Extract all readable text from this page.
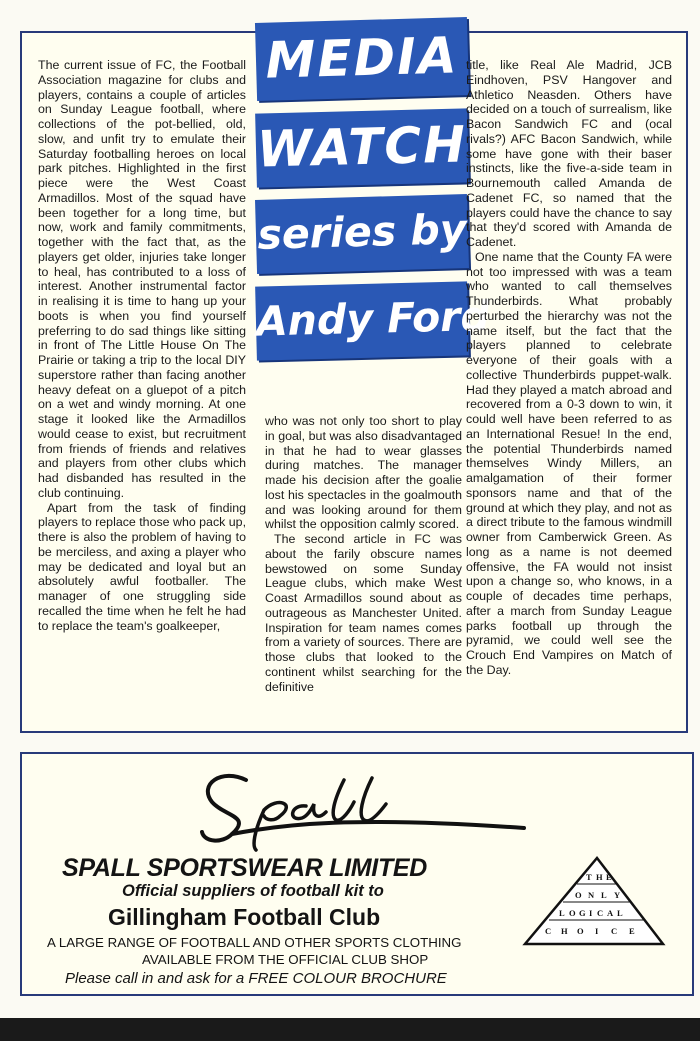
MEDIA
WATCH
series by
Andy Ford

The current issue of FC, the Football Association magazine for clubs and players, contains a couple of articles on Sunday League football, where collections of the pot-bellied, old, slow, and unfit try to emulate their Saturday footballing heroes on local park pitches. Highlighted in the first piece were the West Coast Armadillos. Most of the squad have been together for a long time, but now, work and family commitments, together with the fact that, as the players get older, injuries take longer to heal, has contributed to a loss of interest. Another instrumental factor in realising it is time to hang up your boots is when you find yourself preferring to do sad things like sitting in front of The Little House On The Prairie or taking a trip to the local DIY superstore rather than facing another heavy defeat on a gluepot of a pitch on a wet and windy morning. At one stage it looked like the Armadillos would cease to exist, but recruitment from friends of friends and relatives and players from other clubs which had disbanded has resulted in the club continuing.

Apart from the task of finding players to replace those who pack up, there is also the problem of having to be merciless, and axing a player who may be dedicated and loyal but an absolutely awful footballer. The manager of one struggling side recalled the time when he felt he had to replace the team's goalkeeper,

who was not only too short to play in goal, but was also disadvantaged in that he had to wear glasses during matches. The manager made his decision after the goalie lost his spectacles in the goalmouth and was looking around for them whilst the opposition calmly scored.

The second article in FC was about the farily obscure names bewstowed on some Sunday League clubs, which make West Coast Armadillos sound about as outrageous as Manchester United. Inspiration for team names comes from a variety of sources. There are those clubs that looked to the continent whilst searching for the definitive

title, like Real Ale Madrid, JCB Eindhoven, PSV Hangover and Athletico Neasden. Others have decided on a touch of surrealism, like Bacon Sandwich FC and (ocal rivals?) AFC Bacon Sandwich, while some have gone with their baser instincts, like the five-a-side team in Bournemouth called Amanda de Cadenet FC, so named that the players could have the chance to say that they'd scored with Amanda de Cadenet.

One name that the County FA were not too impressed with was a team who wanted to call themselves Thunderbirds. What probably perturbed the hierarchy was not the name itself, but the fact that the players planned to celebrate everyone of their goals with a collective Thunderbirds puppet-walk. Had they played a match abroad and recovered from a 0-3 down to win, it could well have been referred to as an International Resue! In the end, the potential Thunderbirds named themselves Windy Millers, an amalgamation of their former sponsors name and that of the ground at which they play, and not as a direct tribute to the famous windmill owner from Camberwick Green. As long as a name is not deemed offensive, the FA would not insist upon a change so, who knows, in a couple of decades time perhaps, after a march from Sunday League parks football up through the pyramid, we could well see the Crouch End Vampires on Match of the Day.

SPALL SPORTSWEAR LIMITED
Official suppliers of football kit to
Gillingham Football Club
A LARGE RANGE OF FOOTBALL AND OTHER SPORTS CLOTHING
AVAILABLE FROM THE OFFICIAL CLUB SHOP
Please call in and ask for a FREE COLOUR BROCHURE
T H E
O N L Y
L O G I C A L
C H O I C E
